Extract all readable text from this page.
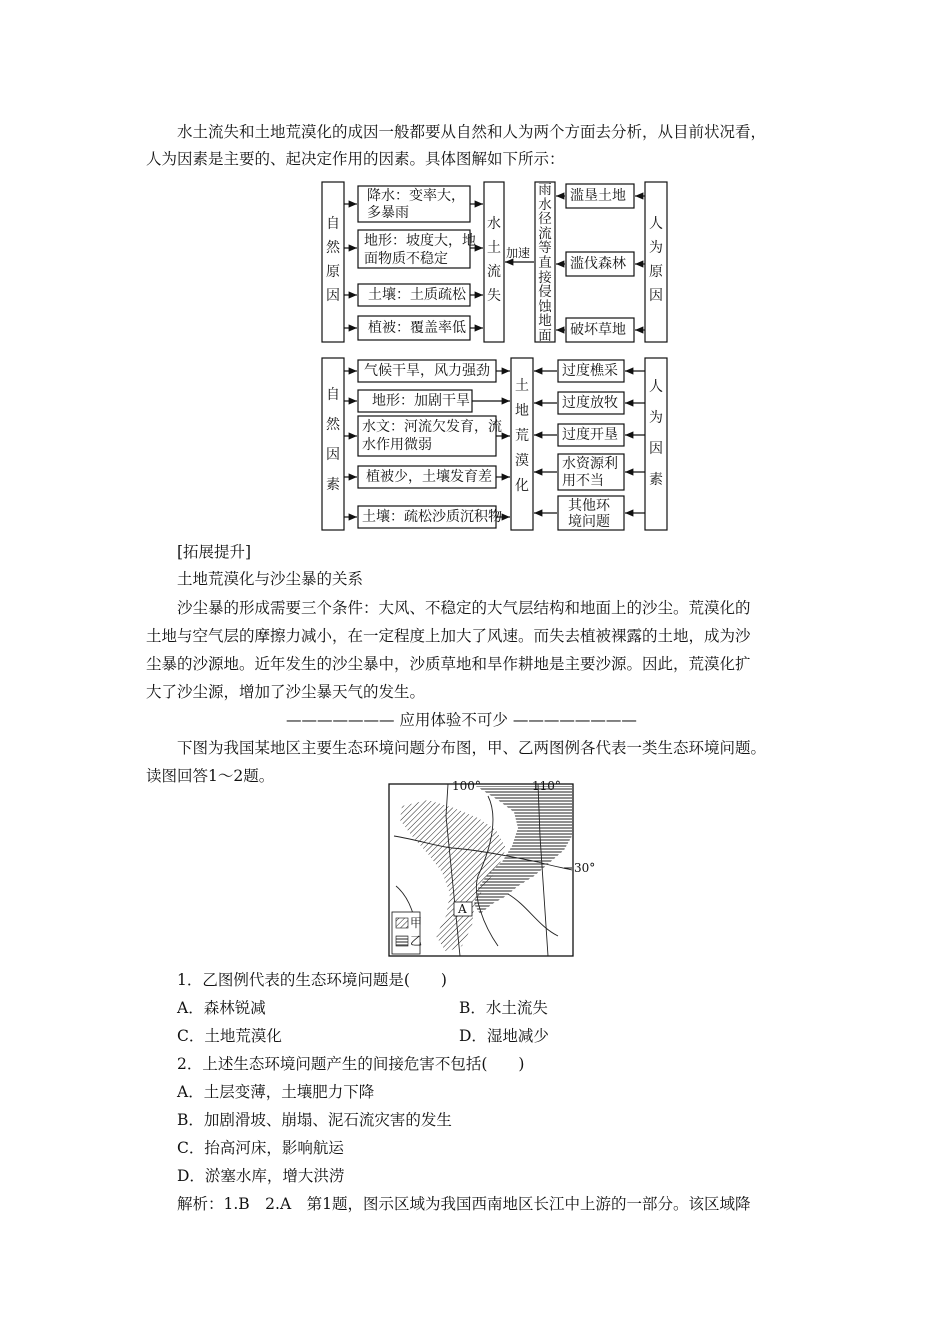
水土流失和土地荒漠化的成因一般都要从自然和人为两个方面去分析，从目前状况看，

人为因素是主要的、起决定作用的因素。具体图解如下所示：

自然原因
降水：变率大，
多暴雨
地形：坡度大，地
面物质不稳定
土壤：土质疏松
植被：覆盖率低
水土流失
加速
雨水径流等直接侵蚀地面
滥垦土地
滥伐森林
破坏草地
人为原因
自然因素
气候干旱，风力强劲
地形：加剧干旱
水文：河流欠发育，流
水作用微弱
植被少，土壤发育差
土壤：疏松沙质沉积物
土地荒漠化
过度樵采
过度放牧
过度开垦
水资源利
用不当
其他环
境问题
人为因素

[拓展提升]

土地荒漠化与沙尘暴的关系

沙尘暴的形成需要三个条件：大风、不稳定的大气层结构和地面上的沙尘。荒漠化的

土地与空气层的摩擦力减小，在一定程度上加大了风速。而失去植被裸露的土地，成为沙

尘暴的沙源地。近年发生的沙尘暴中，沙质草地和旱作耕地是主要沙源。因此，荒漠化扩

大了沙尘源，增加了沙尘暴天气的发生。

——————— 应用体验不可少 ————————

下图为我国某地区主要生态环境问题分布图，甲、乙两图例各代表一类生态环境问题。

读图回答1～2题。

100°	110°
30°
A
甲
乙

1．乙图例代表的生态环境问题是(　　)

A．森林锐减	B．水土流失

C．土地荒漠化	D．湿地减少

2．上述生态环境问题产生的间接危害不包括(　　)

A．土层变薄，土壤肥力下降

B．加剧滑坡、崩塌、泥石流灾害的发生

C．抬高河床，影响航运

D．淤塞水库，增大洪涝

解析：1.B　2.A　第1题，图示区域为我国西南地区长江中上游的一部分。该区域降
